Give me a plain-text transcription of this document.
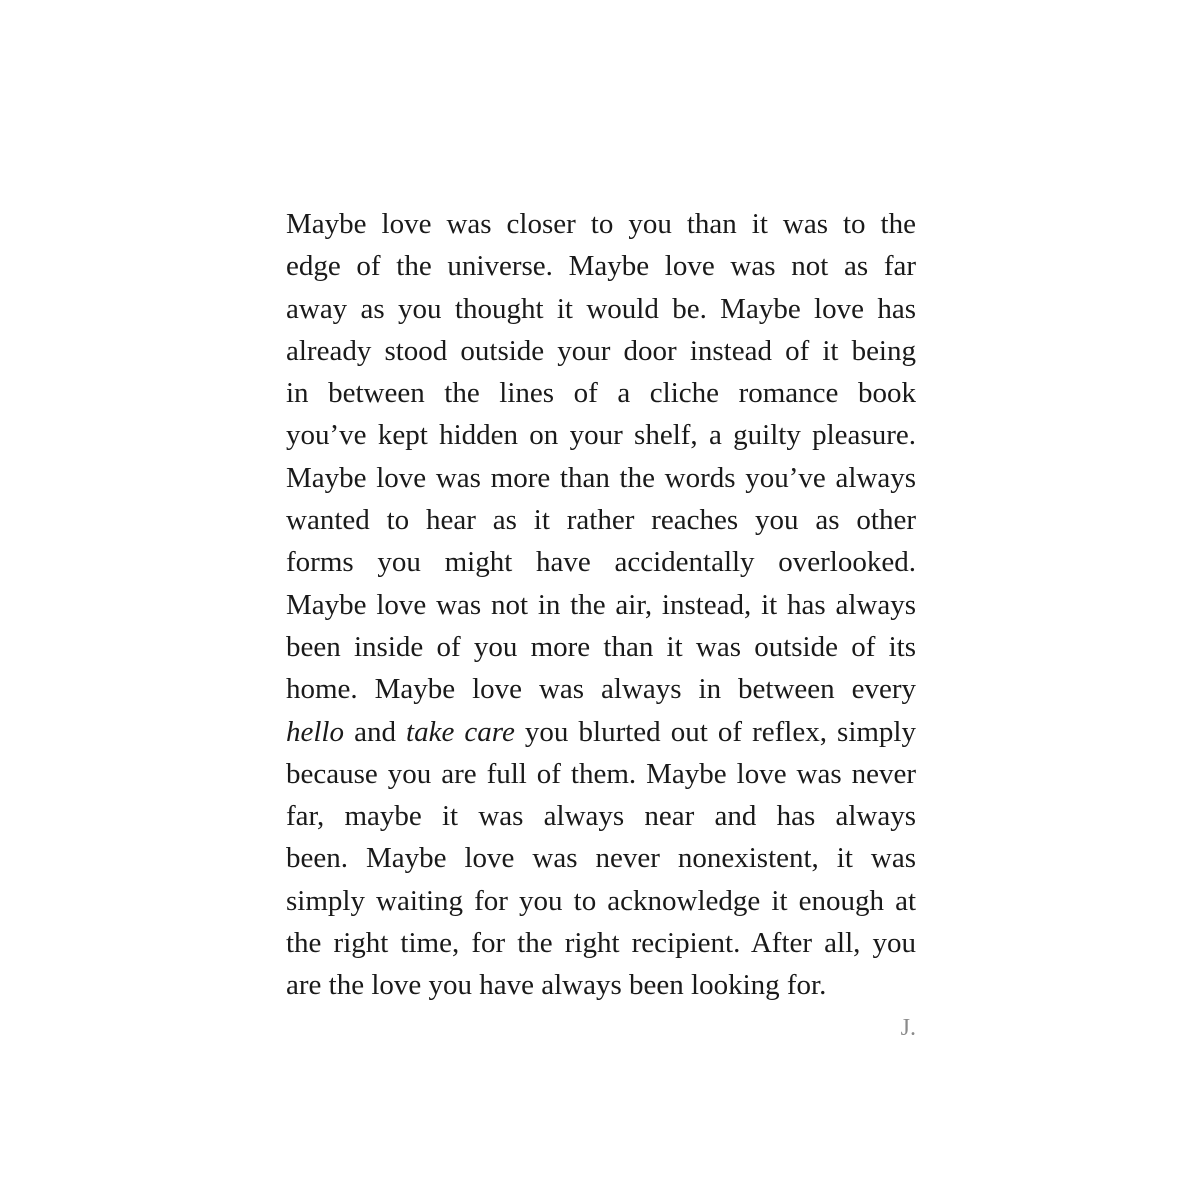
Maybe love was closer to you than it was to the
edge of the universe. Maybe love was not as far
away as you thought it would be. Maybe love has
already stood outside your door instead of it being
in between the lines of a cliche romance book
you’ve kept hidden on your shelf, a guilty pleasure.
Maybe love was more than the words you’ve always
wanted to hear as it rather reaches you as other
forms you might have accidentally overlooked.
Maybe love was not in the air, instead, it has always
been inside of you more than it was outside of its
home. Maybe love was always in between every
hello and take care you blurted out of reflex, simply
because you are full of them. Maybe love was never
far, maybe it was always near and has always
been. Maybe love was never nonexistent, it was
simply waiting for you to acknowledge it enough at
the right time, for the right recipient. After all, you
are the love you have always been looking for.
J.
